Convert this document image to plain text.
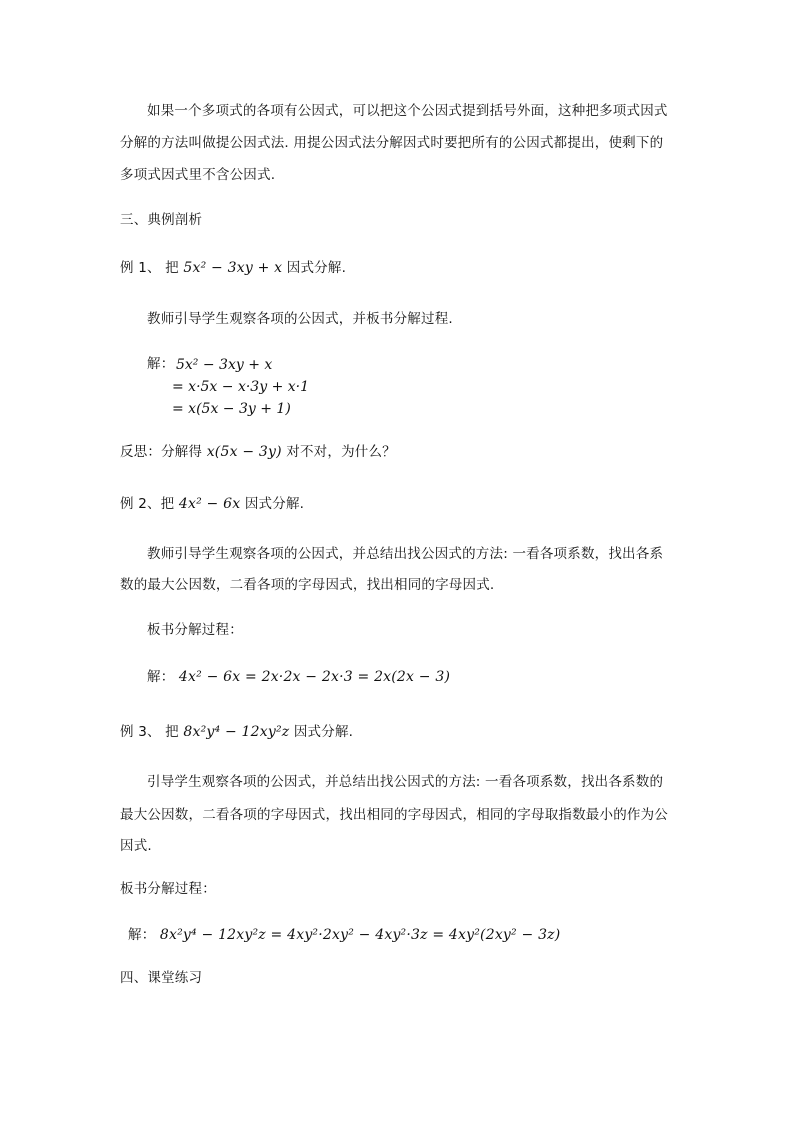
如果一个多项式的各项有公因式，可以把这个公因式提到括号外面，这种把多项式因式
分解的方法叫做提公因式法. 用提公因式法分解因式时要把所有的公因式都提出，使剩下的
多项式因式里不含公因式.
三、典例剖析
例 1、 把 5x² − 3xy + x 因式分解.
教师引导学生观察各项的公因式，并板书分解过程.
解： 5x² − 3xy + x
= x·5x − x·3y + x·1
= x(5x − 3y + 1)
反思：分解得 x(5x − 3y) 对不对，为什么？
例 2、把 4x² − 6x 因式分解.
教师引导学生观察各项的公因式，并总结出找公因式的方法: 一看各项系数，找出各系
数的最大公因数，二看各项的字母因式，找出相同的字母因式.
板书分解过程：
解： 4x² − 6x = 2x·2x − 2x·3 = 2x(2x − 3)
例 3、 把 8x²y⁴ − 12xy²z 因式分解.
引导学生观察各项的公因式，并总结出找公因式的方法: 一看各项系数，找出各系数的
最大公因数，二看各项的字母因式，找出相同的字母因式，相同的字母取指数最小的作为公
因式.
板书分解过程：
解： 8x²y⁴ − 12xy²z = 4xy²·2xy² − 4xy²·3z = 4xy²(2xy² − 3z)
四、课堂练习
